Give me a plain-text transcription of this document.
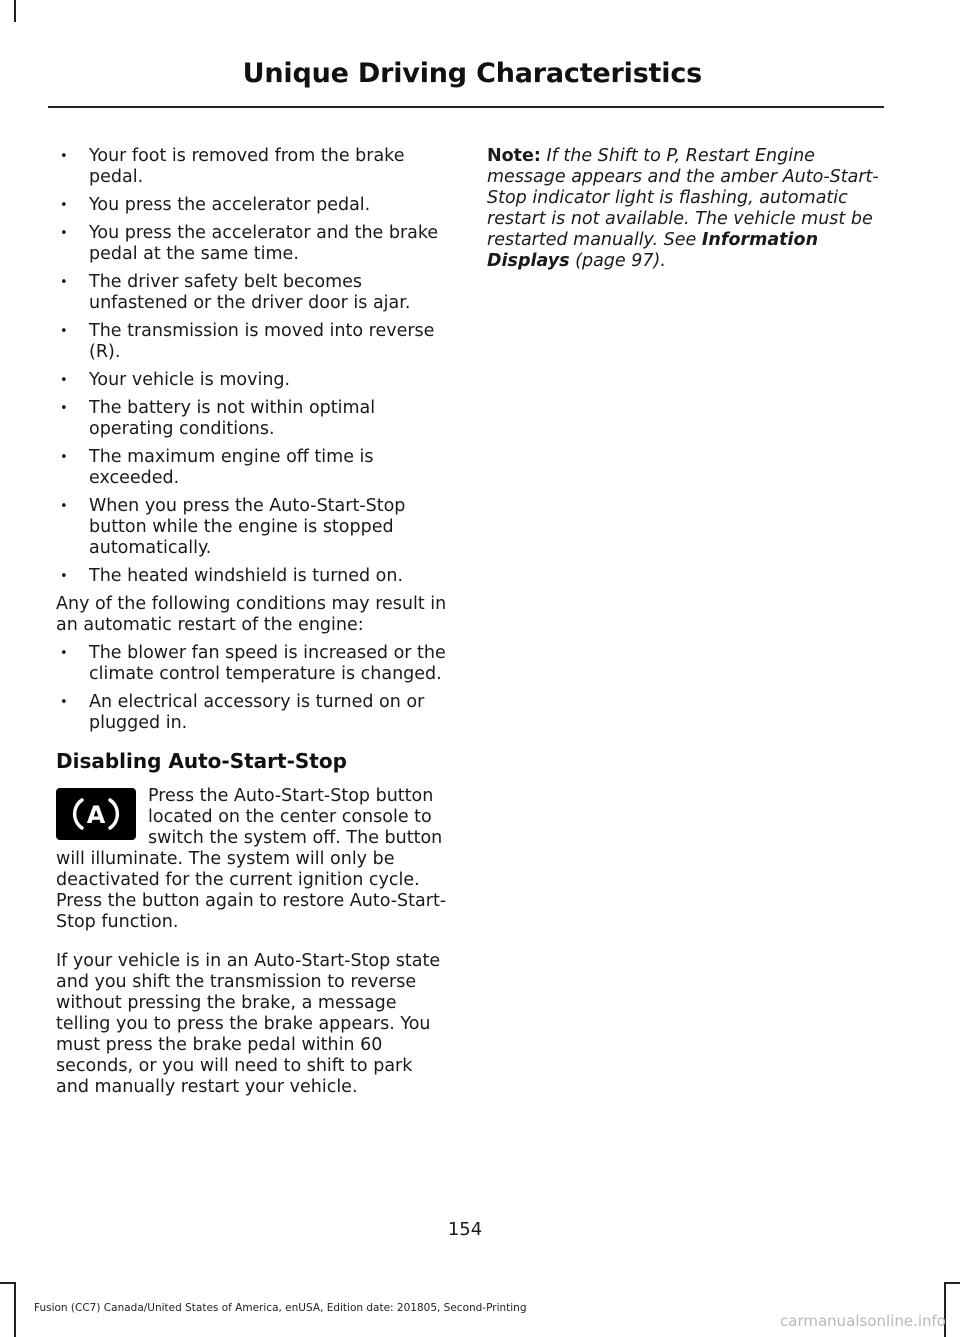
Unique Driving Characteristics
• Your foot is removed from the brake pedal.
• You press the accelerator pedal.
• You press the accelerator and the brake pedal at the same time.
• The driver safety belt becomes unfastened or the driver door is ajar.
• The transmission is moved into reverse (R).
• Your vehicle is moving.
• The battery is not within optimal operating conditions.
• The maximum engine off time is exceeded.
• When you press the Auto-Start-Stop button while the engine is stopped automatically.
• The heated windshield is turned on.

Any of the following conditions may result in an automatic restart of the engine:

• The blower fan speed is increased or the climate control temperature is changed.
• An electrical accessory is turned on or plugged in.
Disabling Auto-Start-Stop
A

Press the Auto-Start-Stop button located on the center console to switch the system off. The button will illuminate. The system will only be deactivated for the current ignition cycle. Press the button again to restore Auto-Start-Stop function.

If your vehicle is in an Auto-Start-Stop state and you shift the transmission to reverse without pressing the brake, a message telling you to press the brake appears. You must press the brake pedal within 60 seconds, or you will need to shift to park and manually restart your vehicle.

Note: If the Shift to P, Restart Engine message appears and the amber Auto-Start-Stop indicator light is flashing, automatic restart is not available. The vehicle must be restarted manually. See Information Displays (page 97).

154
Fusion (CC7) Canada/United States of America, enUSA, Edition date: 201805, Second-Printing
carmanualsonline.info
